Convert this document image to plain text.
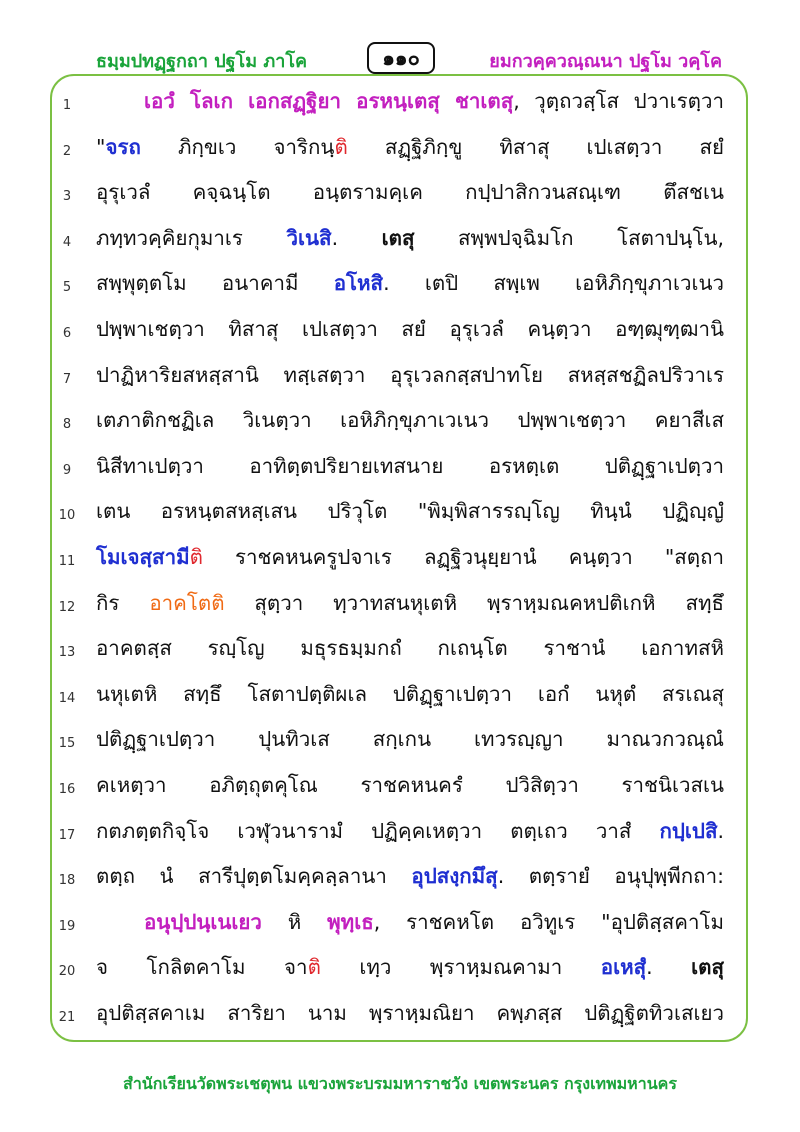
ธมฺมปทฏฺฐกถา ปฐโม ภาโค	๑๑๐	ยมกวคฺควณฺณนา ปฐโม วคฺโค
1	เอวํ โลเก เอกสฏฺฐิยา อรหนฺเตสุ ชาเตสุ, วุตฺถวสฺโส ปวาเรตฺวา
2	"จรถ ภิกฺขเว จาริกนฺติ สฏฺฐิภิกฺขู ทิสาสุ เปเสตฺวา สยํ
3	อุรุเวลํ คจฺฉนฺโต อนฺตรามคฺเค กปฺปาสิกวนสณฺเฑ ตึสชเน
4	ภทฺทวคฺคิยกุมาเร วิเนสิ. เตสุ สพฺพปจฺฉิมโก โสตาปนฺโน,
5	สพฺพุตฺตโม อนาคามี อโหสิ. เตปิ สพฺเพ เอหิภิกฺขุภาเวเนว
6	ปพฺพาเชตฺวา ทิสาสุ เปเสตฺวา สยํ อุรุเวลํ คนฺตฺวา อฑฺฒุฑฺฒานิ
7	ปาฏิหาริยสหสฺสานิ ทสฺเสตฺวา อุรุเวลกสฺสปาทโย สหสฺสชฏิลปริวาเร
8	เตภาติกชฏิเล วิเนตฺวา เอหิภิกฺขุภาเวเนว ปพฺพาเชตฺวา คยาสีเส
9	นิสีทาเปตฺวา อาทิตฺตปริยายเทสนาย อรหตฺเต ปติฏฺฐาเปตฺวา
10	เตน อรหนฺตสหสฺเสน ปริวุโต "พิมฺพิสารรญฺโญ ทินฺนํ ปฏิญฺญํ
11	โมเจสฺสามีติ ราชคหนครูปจาเร ลฏฺฐิวนุยฺยานํ คนฺตฺวา "สตฺถา
12	กิร อาคโตติ สุตฺวา ทฺวาทสนหุเตหิ พฺราหฺมณคหปติเกหิ สทฺธึ
13	อาคตสฺส รญฺโญ มธุรธมฺมกถํ กเถนฺโต ราชานํ เอกาทสหิ
14	นหุเตหิ สทฺธึ โสตาปตฺติผเล ปติฏฺฐาเปตฺวา เอกํ นหุตํ สรเณสุ
15	ปติฏฺฐาเปตฺวา ปุนทิวเส สกฺเกน เทวรญฺญา มาณวกวณฺณํ
16	คเหตฺวา อภิตฺถุตคุโณ ราชคหนครํ ปวิสิตฺวา ราชนิเวสเน
17	กตภตฺตกิจฺโจ เวฬุวนารามํ ปฏิคฺคเหตฺวา ตตฺเถว วาสํ กปฺเปสิ.
18	ตตฺถ นํ สารีปุตฺตโมคฺคลฺลานา อุปสงฺกมึสุ. ตตฺรายํ อนุปุพฺพีกถา:
19	อนุปฺปนฺเนเยว หิ พุทฺเธ, ราชคหโต อวิทูเร "อุปติสฺสคาโม
20	จ โกลิตคาโม จาติ เทฺว พฺราหฺมณคามา อเหสุํ. เตสุ
21	อุปติสฺสคาเม สาริยา นาม พฺราหฺมณิยา คพฺภสฺส ปติฏฺฐิตทิวเสเยว
สำนักเรียนวัดพระเชตุพน แขวงพระบรมมหาราชวัง เขตพระนคร กรุงเทพมหานคร
